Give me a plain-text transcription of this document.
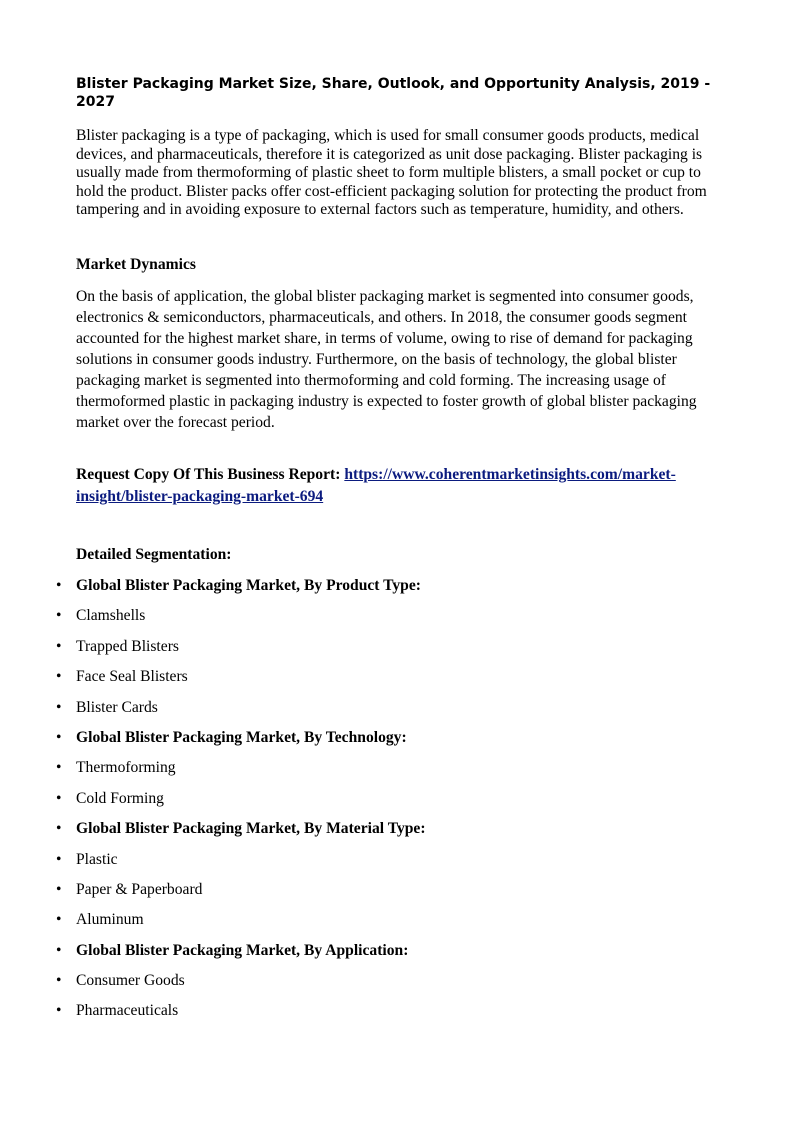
Blister Packaging Market Size, Share, Outlook, and Opportunity Analysis, 2019 - 2027

Blister packaging is a type of packaging, which is used for small consumer goods products, medical devices, and pharmaceuticals, therefore it is categorized as unit dose packaging. Blister packaging is usually made from thermoforming of plastic sheet to form multiple blisters, a small pocket or cup to hold the product. Blister packs offer cost-efficient packaging solution for protecting the product from tampering and in avoiding exposure to external factors such as temperature, humidity, and others.

Market Dynamics

On the basis of application, the global blister packaging market is segmented into consumer goods, electronics & semiconductors, pharmaceuticals, and others. In 2018, the consumer goods segment accounted for the highest market share, in terms of volume, owing to rise of demand for packaging solutions in consumer goods industry. Furthermore, on the basis of technology, the global blister packaging market is segmented into thermoforming and cold forming. The increasing usage of thermoformed plastic in packaging industry is expected to foster growth of global blister packaging market over the forecast period.

Request Copy Of This Business Report: https://www.coherentmarketinsights.com/market-insight/blister-packaging-market-694

Detailed Segmentation:
• Global Blister Packaging Market, By Product Type:
• Clamshells
• Trapped Blisters
• Face Seal Blisters
• Blister Cards
• Global Blister Packaging Market, By Technology:
• Thermoforming
• Cold Forming
• Global Blister Packaging Market, By Material Type:
• Plastic
• Paper & Paperboard
• Aluminum
• Global Blister Packaging Market, By Application:
• Consumer Goods
• Pharmaceuticals
